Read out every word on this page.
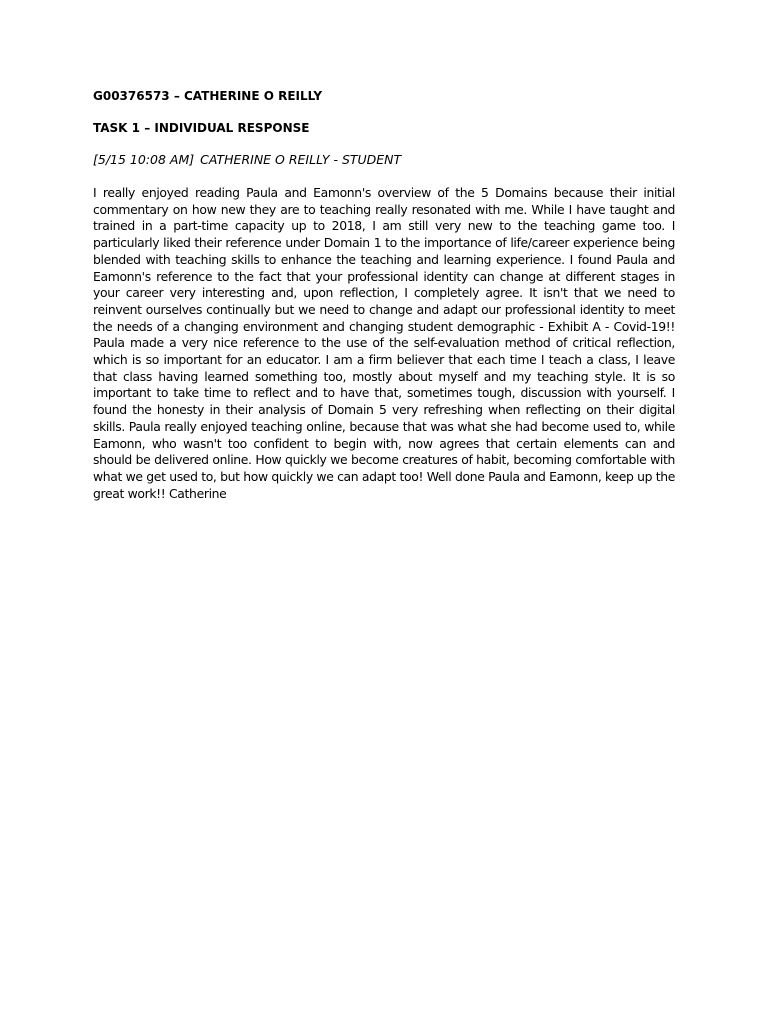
G00376573 – CATHERINE O REILLY

TASK 1 – INDIVIDUAL RESPONSE

[5/15 10:08 AM] CATHERINE O REILLY - STUDENT

I really enjoyed reading Paula and Eamonn's overview of the 5 Domains because their initial commentary on how new they are to teaching really resonated with me. While I have taught and trained in a part-time capacity up to 2018, I am still very new to the teaching game too. I particularly liked their reference under Domain 1 to the importance of life/career experience being blended with teaching skills to enhance the teaching and learning experience. I found Paula and Eamonn's reference to the fact that your professional identity can change at different stages in your career very interesting and, upon reflection, I completely agree. It isn't that we need to reinvent ourselves continually but we need to change and adapt our professional identity to meet the needs of a changing environment and changing student demographic - Exhibit A - Covid-19!! Paula made a very nice reference to the use of the self-evaluation method of critical reflection, which is so important for an educator. I am a firm believer that each time I teach a class, I leave that class having learned something too, mostly about myself and my teaching style. It is so important to take time to reflect and to have that, sometimes tough, discussion with yourself. I found the honesty in their analysis of Domain 5 very refreshing when reflecting on their digital skills. Paula really enjoyed teaching online, because that was what she had become used to, while Eamonn, who wasn't too confident to begin with, now agrees that certain elements can and should be delivered online. How quickly we become creatures of habit, becoming comfortable with what we get used to, but how quickly we can adapt too! Well done Paula and Eamonn, keep up the great work!! Catherine
